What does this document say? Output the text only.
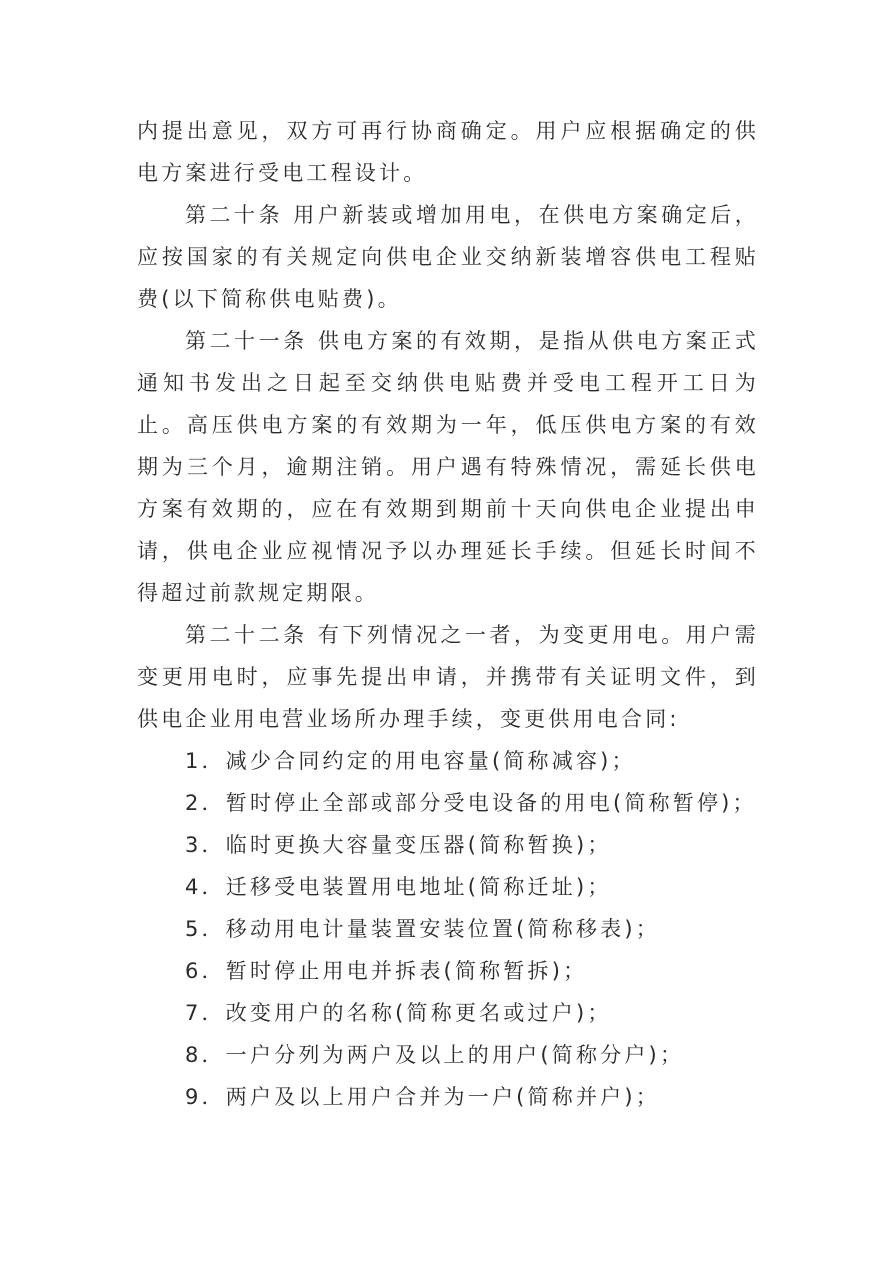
内提出意见，双方可再行协商确定。用户应根据确定的供电方案进行受电工程设计。

第二十条 用户新装或增加用电，在供电方案确定后，应按国家的有关规定向供电企业交纳新装增容供电工程贴费(以下简称供电贴费)。

第二十一条 供电方案的有效期，是指从供电方案正式通知书发出之日起至交纳供电贴费并受电工程开工日为止。高压供电方案的有效期为一年，低压供电方案的有效期为三个月，逾期注销。用户遇有特殊情况，需延长供电方案有效期的，应在有效期到期前十天向供电企业提出申请，供电企业应视情况予以办理延长手续。但延长时间不得超过前款规定期限。

第二十二条 有下列情况之一者，为变更用电。用户需变更用电时，应事先提出申请，并携带有关证明文件，到供电企业用电营业场所办理手续，变更供用电合同:

1．减少合同约定的用电容量(简称减容)；

2．暂时停止全部或部分受电设备的用电(简称暂停)；

3．临时更换大容量变压器(简称暂换)；

4．迁移受电装置用电地址(简称迁址)；

5．移动用电计量装置安装位置(简称移表)；

6．暂时停止用电并拆表(简称暂拆)；

7．改变用户的名称(简称更名或过户)；

8．一户分列为两户及以上的用户(简称分户)；

9．两户及以上用户合并为一户(简称并户)；
